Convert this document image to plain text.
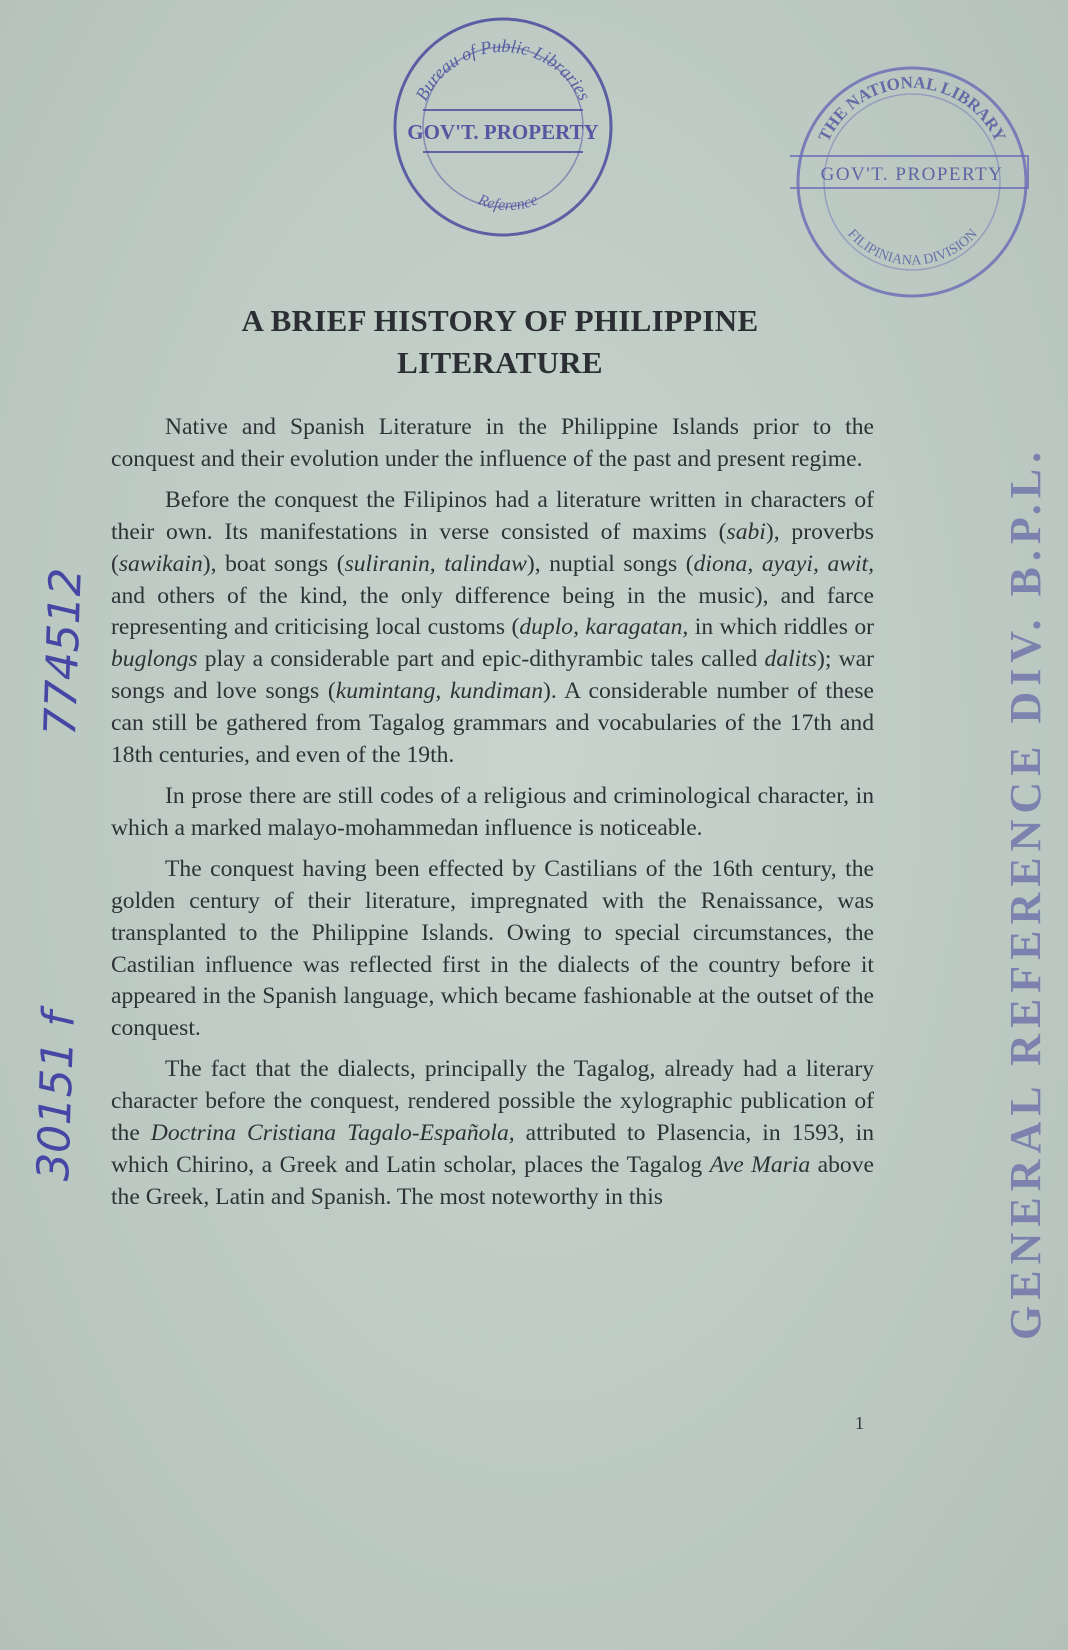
Bureau of Public Libraries
GOV'T. PROPERTY
Reference
THE NATIONAL LIBRARY
GOV'T. PROPERTY
FILIPINIANA DIVISION
774512
30151 f	GENERAL REFERENCE DIV. B.P.L.
A BRIEF HISTORY OF PHILIPPINE
LITERATURE

Native and Spanish Literature in the Philippine Islands prior to the conquest and their evolution under the influence of the past and present regime.

Before the conquest the Filipinos had a literature written in characters of their own. Its manifestations in verse consisted of maxims (sabi), proverbs (sawikain), boat songs (suliranin, talindaw), nuptial songs (diona, ayayi, awit, and others of the kind, the only difference being in the music), and farce representing and criticising local customs (duplo, karagatan, in which riddles or buglongs play a considerable part and epic-dithyrambic tales called dalits); war songs and love songs (kumintang, kundiman). A considerable number of these can still be gathered from Tagalog grammars and vocabularies of the 17th and 18th centuries, and even of the 19th.

In prose there are still codes of a religious and criminological character, in which a marked malayo-mohammedan influence is noticeable.

The conquest having been effected by Castilians of the 16th century, the golden century of their literature, impregnated with the Renaissance, was transplanted to the Philippine Islands. Owing to special circumstances, the Castilian influence was reflected first in the dialects of the country before it appeared in the Spanish language, which became fashionable at the outset of the conquest.

The fact that the dialects, principally the Tagalog, already had a literary character before the conquest, rendered possible the xylographic publication of the Doctrina Cristiana Tagalo-Española, attributed to Plasencia, in 1593, in which Chirino, a Greek and Latin scholar, places the Tagalog Ave Maria above the Greek, Latin and Spanish. The most noteworthy in this

1
